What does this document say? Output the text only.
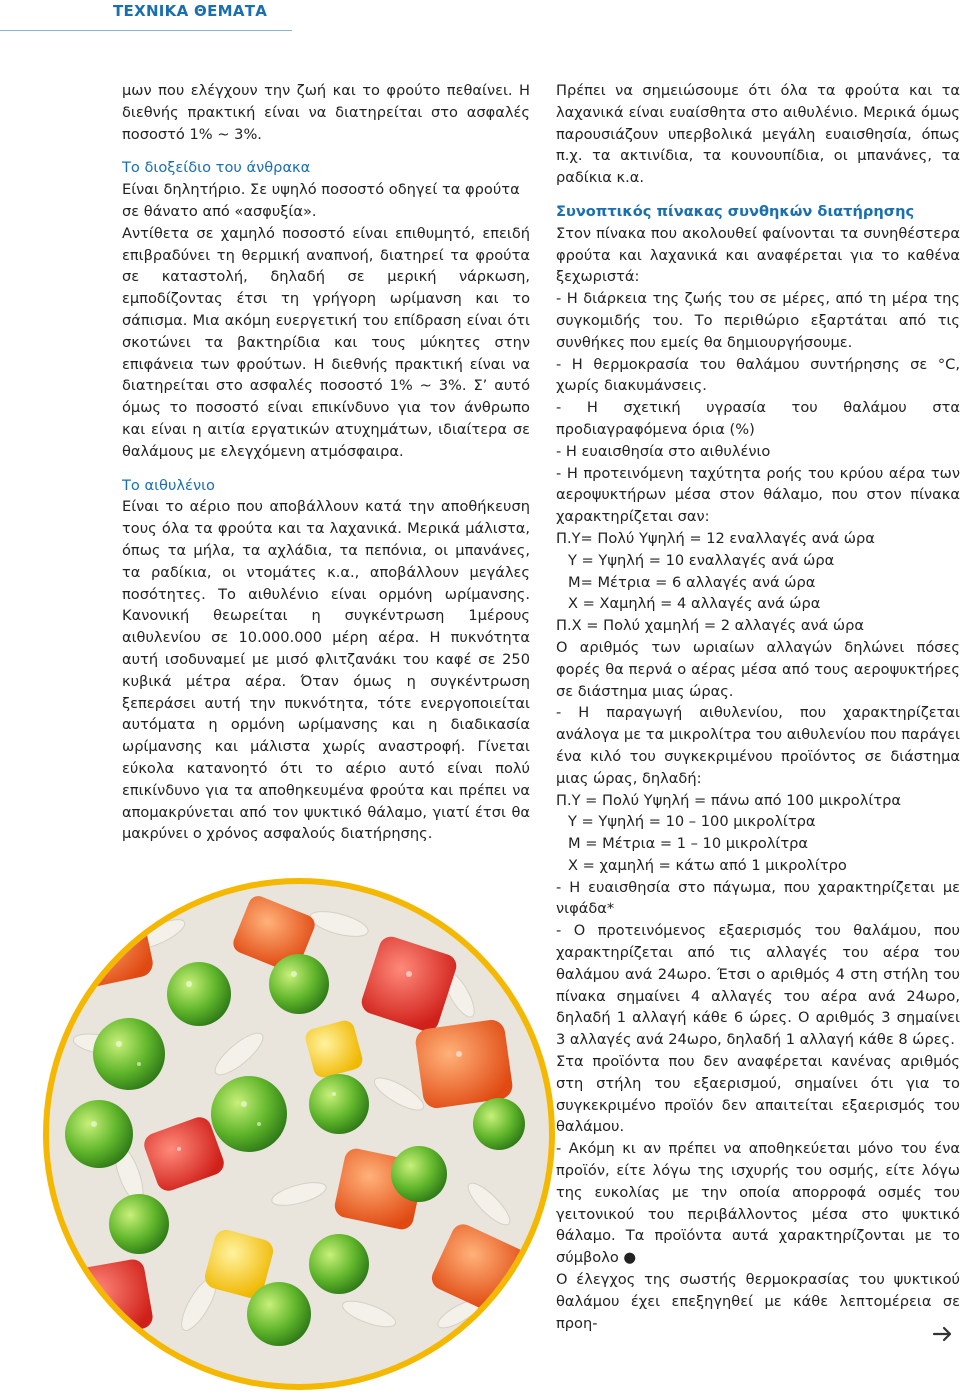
ΤΕΧΝΙΚΑ ΘΕΜΑΤΑ

μων που ελέγχουν την ζωή και το φρούτο πεθαίνει. Η διεθνής πρακτική είναι να διατηρείται στο ασφαλές ποσοστό 1% ~ 3%.

Το διοξείδιο του άνθρακα

Είναι δηλητήριο. Σε υψηλό ποσοστό οδηγεί τα φρούτα σε θάνατο από «ασφυξία».

Αντίθετα σε χαμηλό ποσοστό είναι επιθυμητό, επειδή επιβραδύνει τη θερμική αναπνοή, διατηρεί τα φρούτα σε καταστολή, δηλαδή σε μερική νάρκωση, εμποδίζοντας έτσι τη γρήγορη ωρίμανση και το σάπισμα. Μια ακόμη ευεργετική του επίδραση είναι ότι σκοτώνει τα βακτηρίδια και τους μύκητες στην επιφάνεια των φρούτων. Η διεθνής πρακτική είναι να διατηρείται στο ασφαλές ποσοστό 1% ~ 3%. Σ’ αυτό όμως το ποσοστό είναι επικίνδυνο για τον άνθρωπο και είναι η αιτία εργατικών ατυχημάτων, ιδιαίτερα σε θαλάμους με ελεγχόμενη ατμόσφαιρα.

Το αιθυλένιο

Είναι το αέριο που αποβάλλουν κατά την αποθήκευση τους όλα τα φρούτα και τα λαχανικά. Μερικά μάλιστα, όπως τα μήλα, τα αχλάδια, τα πεπόνια, οι μπανάνες, τα ραδίκια, οι ντομάτες κ.α., αποβάλλουν μεγάλες ποσότητες. Το αιθυλένιο είναι ορμόνη ωρίμανσης. Κανονική θεωρείται η συγκέντρωση 1μέρους αιθυλενίου σε 10.000.000 μέρη αέρα. Η πυκνότητα αυτή ισοδυναμεί με μισό φλιτζανάκι του καφέ σε 250 κυβικά μέτρα αέρα. Όταν όμως η συγκέντρωση ξεπεράσει αυτή την πυκνότητα, τότε ενεργοποιείται αυτόματα η ορμόνη ωρίμανσης και η διαδικασία ωρίμανσης και μάλιστα χωρίς αναστροφή. Γίνεται εύκολα κατανοητό ότι το αέριο αυτό είναι πολύ επικίνδυνο για τα αποθηκευμένα φρούτα και πρέπει να απομακρύνεται από τον ψυκτικό θάλαμο, γιατί έτσι θα μακρύνει ο χρόνος ασφαλούς διατήρησης.

Πρέπει να σημειώσουμε ότι όλα τα φρούτα και τα λαχανικά είναι ευαίσθητα στο αιθυλένιο. Μερικά όμως παρουσιάζουν υπερβολικά μεγάλη ευαισθησία, όπως π.χ. τα ακτινίδια, τα κουνουπίδια, οι μπανάνες, τα ραδίκια κ.α.

Συνοπτικός πίνακας συνθηκών διατήρησης

Στον πίνακα που ακολουθεί φαίνονται τα συνηθέστερα φρούτα και λαχανικά και αναφέρεται για το καθένα ξεχωριστά:

- Η διάρκεια της ζωής του σε μέρες, από τη μέρα της συγκομιδής του. Το περιθώριο εξαρτάται από τις συνθήκες που εμείς θα δημιουργήσουμε.

- Η θερμοκρασία του θαλάμου συντήρησης σε °C, χωρίς διακυμάνσεις.

- Η σχετική υγρασία του θαλάμου στα προδιαγραφόμενα όρια (%)

- Η ευαισθησία στο αιθυλένιο

- Η προτεινόμενη ταχύτητα ροής του κρύου αέρα των αεροψυκτήρων μέσα στον θάλαμο, που στον πίνακα χαρακτηρίζεται σαν:

Π.Υ= Πολύ Υψηλή = 12 εναλλαγές ανά ώρα

Υ = Υψηλή = 10 εναλλαγές ανά ώρα

Μ= Μέτρια = 6 αλλαγές ανά ώρα

Χ = Χαμηλή = 4 αλλαγές ανά ώρα

Π.Χ = Πολύ χαμηλή = 2 αλλαγές ανά ώρα

Ο αριθμός των ωριαίων αλλαγών δηλώνει πόσες φορές θα περνά ο αέρας μέσα από τους αεροψυκτήρες σε διάστημα μιας ώρας.

- Η παραγωγή αιθυλενίου, που χαρακτηρίζεται ανάλογα με τα μικρολίτρα του αιθυλενίου που παράγει ένα κιλό του συγκεκριμένου προϊόντος σε διάστημα μιας ώρας, δηλαδή:

Π.Υ = Πολύ Υψηλή = πάνω από 100 μικρολίτρα

Υ = Υψηλή = 10 – 100 μικρολίτρα

Μ = Μέτρια = 1 – 10 μικρολίτρα

Χ = χαμηλή = κάτω από 1 μικρολίτρο

- Η ευαισθησία στο πάγωμα, που χαρακτηρίζεται με νιφάδα*

- Ο προτεινόμενος εξαερισμός του θαλάμου, που χαρακτηρίζεται από τις αλλαγές του αέρα του θαλάμου ανά 24ωρο. Έτσι ο αριθμός 4 στη στήλη του πίνακα σημαίνει 4 αλλαγές του αέρα ανά 24ωρο, δηλαδή 1 αλλαγή κάθε 6 ώρες. Ο αριθμός 3 σημαίνει 3 αλλαγές ανά 24ωρο, δηλαδή 1 αλλαγή κάθε 8 ώρες.

Στα προϊόντα που δεν αναφέρεται κανένας αριθμός στη στήλη του εξαερισμού, σημαίνει ότι για το συγκεκριμένο προϊόν δεν απαιτείται εξαερισμός του θαλάμου.

- Ακόμη κι αν πρέπει να αποθηκεύεται μόνο του ένα προϊόν, είτε λόγω της ισχυρής του οσμής, είτε λόγω της ευκολίας με την οποία απορροφά οσμές του γειτονικού του περιβάλλοντος μέσα στο ψυκτικό θάλαμο. Τα προϊόντα αυτά χαρακτηρίζονται με το σύμβολο ●

Ο έλεγχος της σωστής θερμοκρασίας του ψυκτικού θαλάμου έχει επεξηγηθεί με κάθε λεπτομέρεια σε προη-
